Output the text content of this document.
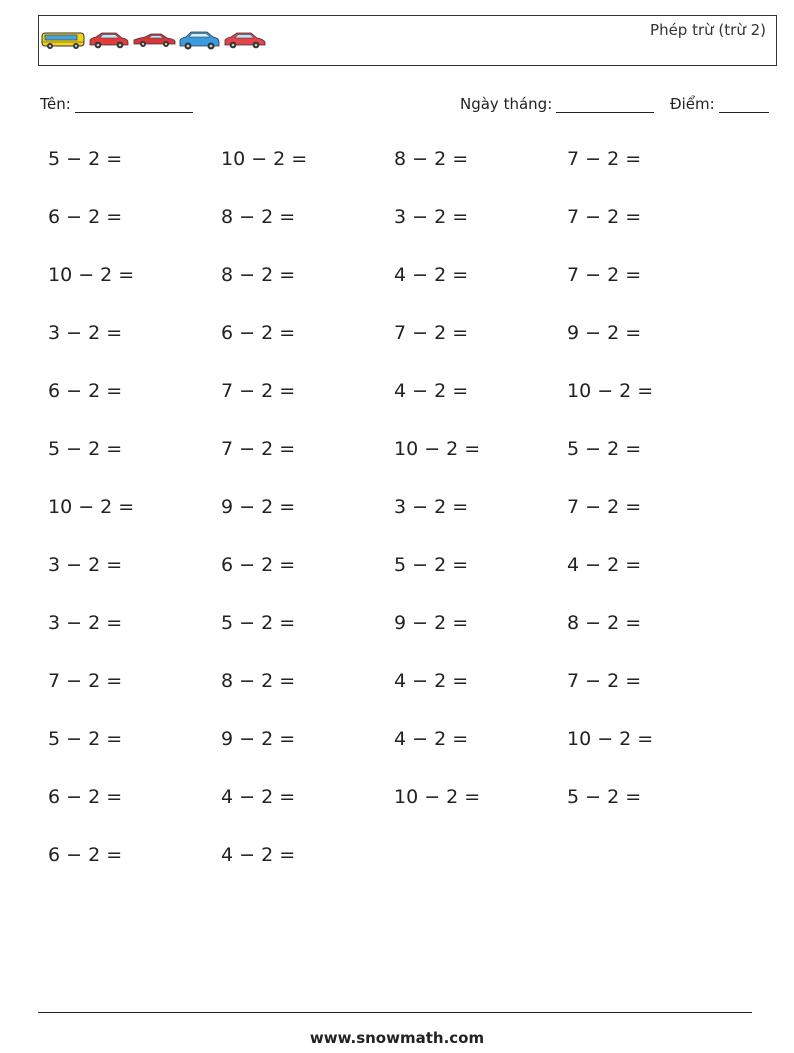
Phép trừ (trừ 2)
Tên:	Ngày tháng:	Điểm:
5 − 2 =	10 − 2 =	8 − 2 =	7 − 2 =
6 − 2 =	8 − 2 =	3 − 2 =	7 − 2 =
10 − 2 =	8 − 2 =	4 − 2 =	7 − 2 =
3 − 2 =	6 − 2 =	7 − 2 =	9 − 2 =
6 − 2 =	7 − 2 =	4 − 2 =	10 − 2 =
5 − 2 =	7 − 2 =	10 − 2 =	5 − 2 =
10 − 2 =	9 − 2 =	3 − 2 =	7 − 2 =
3 − 2 =	6 − 2 =	5 − 2 =	4 − 2 =
3 − 2 =	5 − 2 =	9 − 2 =	8 − 2 =
7 − 2 =	8 − 2 =	4 − 2 =	7 − 2 =
5 − 2 =	9 − 2 =	4 − 2 =	10 − 2 =
6 − 2 =	4 − 2 =	10 − 2 =	5 − 2 =
6 − 2 =	4 − 2 =
www.snowmath.com
